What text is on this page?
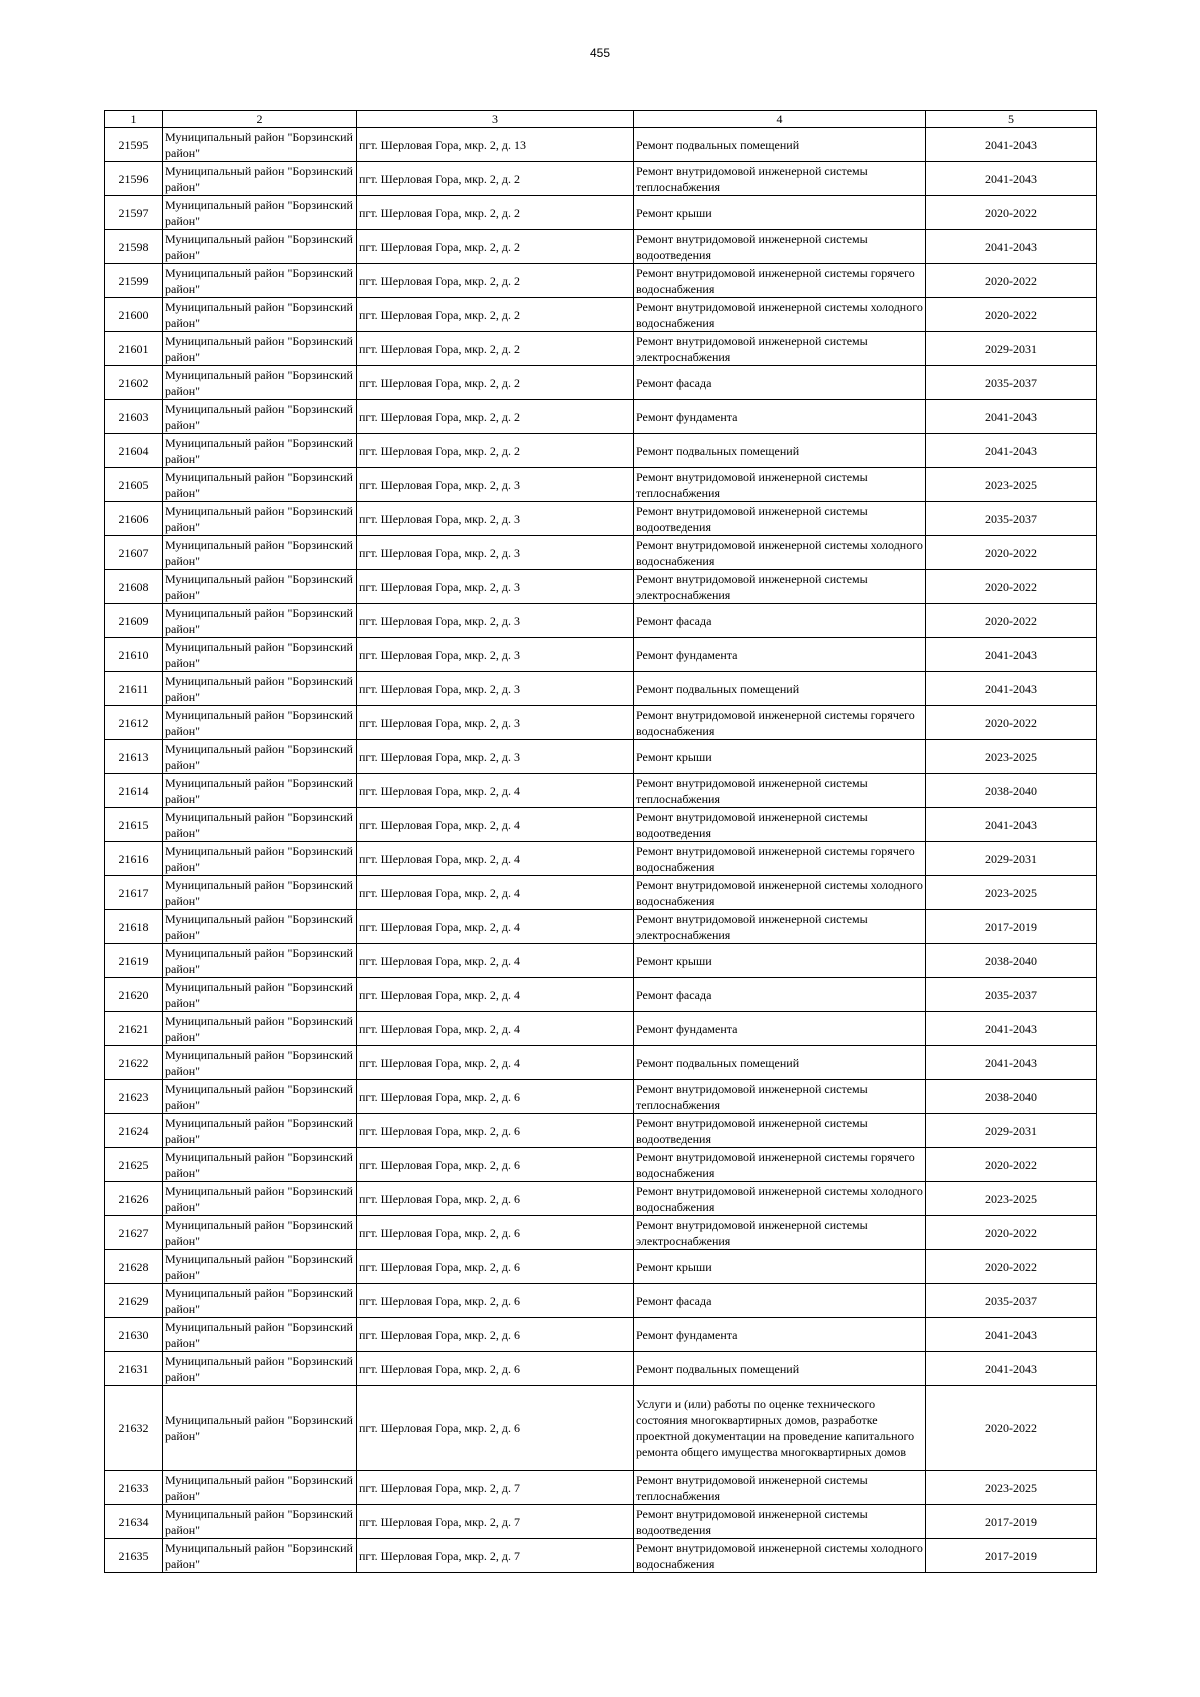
455
1	2	3	4	5
21595	Муниципальный район "Борзинский район"	пгт. Шерловая Гора, мкр. 2, д. 13	Ремонт подвальных помещений	2041-2043
21596	Муниципальный район "Борзинский район"	пгт. Шерловая Гора, мкр. 2, д. 2	Ремонт внутридомовой инженерной системы теплоснабжения	2041-2043
21597	Муниципальный район "Борзинский район"	пгт. Шерловая Гора, мкр. 2, д. 2	Ремонт крыши	2020-2022
21598	Муниципальный район "Борзинский район"	пгт. Шерловая Гора, мкр. 2, д. 2	Ремонт внутридомовой инженерной системы водоотведения	2041-2043
21599	Муниципальный район "Борзинский район"	пгт. Шерловая Гора, мкр. 2, д. 2	Ремонт внутридомовой инженерной системы горячего водоснабжения	2020-2022
21600	Муниципальный район "Борзинский район"	пгт. Шерловая Гора, мкр. 2, д. 2	Ремонт внутридомовой инженерной системы холодного водоснабжения	2020-2022
21601	Муниципальный район "Борзинский район"	пгт. Шерловая Гора, мкр. 2, д. 2	Ремонт внутридомовой инженерной системы электроснабжения	2029-2031
21602	Муниципальный район "Борзинский район"	пгт. Шерловая Гора, мкр. 2, д. 2	Ремонт фасада	2035-2037
21603	Муниципальный район "Борзинский район"	пгт. Шерловая Гора, мкр. 2, д. 2	Ремонт фундамента	2041-2043
21604	Муниципальный район "Борзинский район"	пгт. Шерловая Гора, мкр. 2, д. 2	Ремонт подвальных помещений	2041-2043
21605	Муниципальный район "Борзинский район"	пгт. Шерловая Гора, мкр. 2, д. 3	Ремонт внутридомовой инженерной системы теплоснабжения	2023-2025
21606	Муниципальный район "Борзинский район"	пгт. Шерловая Гора, мкр. 2, д. 3	Ремонт внутридомовой инженерной системы водоотведения	2035-2037
21607	Муниципальный район "Борзинский район"	пгт. Шерловая Гора, мкр. 2, д. 3	Ремонт внутридомовой инженерной системы холодного водоснабжения	2020-2022
21608	Муниципальный район "Борзинский район"	пгт. Шерловая Гора, мкр. 2, д. 3	Ремонт внутридомовой инженерной системы электроснабжения	2020-2022
21609	Муниципальный район "Борзинский район"	пгт. Шерловая Гора, мкр. 2, д. 3	Ремонт фасада	2020-2022
21610	Муниципальный район "Борзинский район"	пгт. Шерловая Гора, мкр. 2, д. 3	Ремонт фундамента	2041-2043
21611	Муниципальный район "Борзинский район"	пгт. Шерловая Гора, мкр. 2, д. 3	Ремонт подвальных помещений	2041-2043
21612	Муниципальный район "Борзинский район"	пгт. Шерловая Гора, мкр. 2, д. 3	Ремонт внутридомовой инженерной системы горячего водоснабжения	2020-2022
21613	Муниципальный район "Борзинский район"	пгт. Шерловая Гора, мкр. 2, д. 3	Ремонт крыши	2023-2025
21614	Муниципальный район "Борзинский район"	пгт. Шерловая Гора, мкр. 2, д. 4	Ремонт внутридомовой инженерной системы теплоснабжения	2038-2040
21615	Муниципальный район "Борзинский район"	пгт. Шерловая Гора, мкр. 2, д. 4	Ремонт внутридомовой инженерной системы водоотведения	2041-2043
21616	Муниципальный район "Борзинский район"	пгт. Шерловая Гора, мкр. 2, д. 4	Ремонт внутридомовой инженерной системы горячего водоснабжения	2029-2031
21617	Муниципальный район "Борзинский район"	пгт. Шерловая Гора, мкр. 2, д. 4	Ремонт внутридомовой инженерной системы холодного водоснабжения	2023-2025
21618	Муниципальный район "Борзинский район"	пгт. Шерловая Гора, мкр. 2, д. 4	Ремонт внутридомовой инженерной системы электроснабжения	2017-2019
21619	Муниципальный район "Борзинский район"	пгт. Шерловая Гора, мкр. 2, д. 4	Ремонт крыши	2038-2040
21620	Муниципальный район "Борзинский район"	пгт. Шерловая Гора, мкр. 2, д. 4	Ремонт фасада	2035-2037
21621	Муниципальный район "Борзинский район"	пгт. Шерловая Гора, мкр. 2, д. 4	Ремонт фундамента	2041-2043
21622	Муниципальный район "Борзинский район"	пгт. Шерловая Гора, мкр. 2, д. 4	Ремонт подвальных помещений	2041-2043
21623	Муниципальный район "Борзинский район"	пгт. Шерловая Гора, мкр. 2, д. 6	Ремонт внутридомовой инженерной системы теплоснабжения	2038-2040
21624	Муниципальный район "Борзинский район"	пгт. Шерловая Гора, мкр. 2, д. 6	Ремонт внутридомовой инженерной системы водоотведения	2029-2031
21625	Муниципальный район "Борзинский район"	пгт. Шерловая Гора, мкр. 2, д. 6	Ремонт внутридомовой инженерной системы горячего водоснабжения	2020-2022
21626	Муниципальный район "Борзинский район"	пгт. Шерловая Гора, мкр. 2, д. 6	Ремонт внутридомовой инженерной системы холодного водоснабжения	2023-2025
21627	Муниципальный район "Борзинский район"	пгт. Шерловая Гора, мкр. 2, д. 6	Ремонт внутридомовой инженерной системы электроснабжения	2020-2022
21628	Муниципальный район "Борзинский район"	пгт. Шерловая Гора, мкр. 2, д. 6	Ремонт крыши	2020-2022
21629	Муниципальный район "Борзинский район"	пгт. Шерловая Гора, мкр. 2, д. 6	Ремонт фасада	2035-2037
21630	Муниципальный район "Борзинский район"	пгт. Шерловая Гора, мкр. 2, д. 6	Ремонт фундамента	2041-2043
21631	Муниципальный район "Борзинский район"	пгт. Шерловая Гора, мкр. 2, д. 6	Ремонт подвальных помещений	2041-2043
21632	Муниципальный район "Борзинский район"	пгт. Шерловая Гора, мкр. 2, д. 6	Услуги и (или) работы по оценке технического состояния многоквартирных домов, разработке проектной документации на проведение капитального ремонта общего имущества многоквартирных домов	2020-2022
21633	Муниципальный район "Борзинский район"	пгт. Шерловая Гора, мкр. 2, д. 7	Ремонт внутридомовой инженерной системы теплоснабжения	2023-2025
21634	Муниципальный район "Борзинский район"	пгт. Шерловая Гора, мкр. 2, д. 7	Ремонт внутридомовой инженерной системы водоотведения	2017-2019
21635	Муниципальный район "Борзинский район"	пгт. Шерловая Гора, мкр. 2, д. 7	Ремонт внутридомовой инженерной системы холодного водоснабжения	2017-2019
